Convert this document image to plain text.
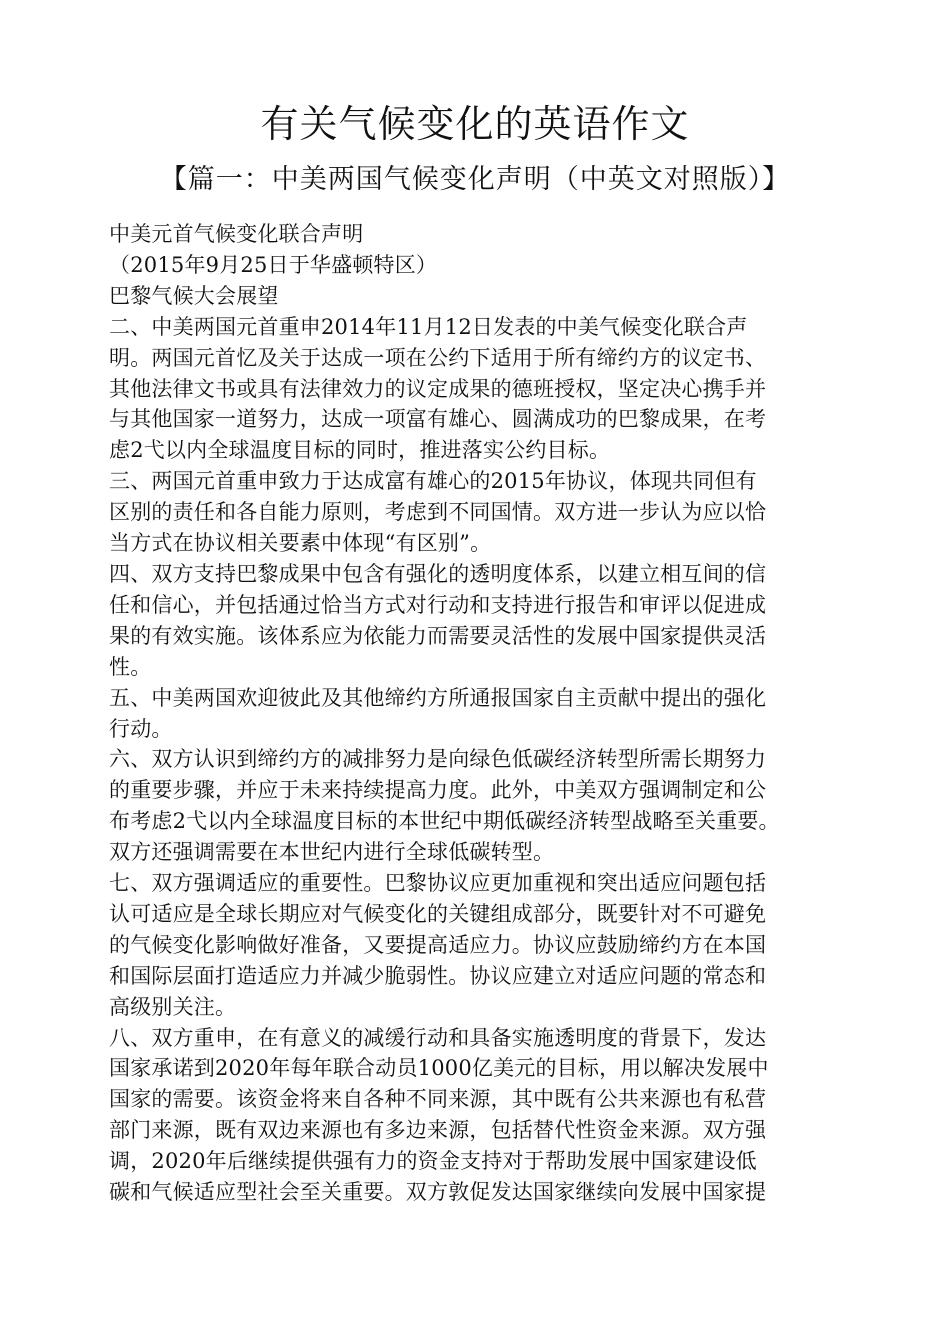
有关气候变化的英语作文
【篇一：中美两国气候变化声明（中英文对照版）】
中美元首气候变化联合声明
（2015年9月25日于华盛顿特区）
巴黎气候大会展望
二、中美两国元首重申2014年11月12日发表的中美气候变化联合声
明。两国元首忆及关于达成一项在公约下适用于所有缔约方的议定书、
其他法律文书或具有法律效力的议定成果的德班授权，坚定决心携手并
与其他国家一道努力，达成一项富有雄心、圆满成功的巴黎成果，在考
虑2弋以内全球温度目标的同时，推进落实公约目标。
三、两国元首重申致力于达成富有雄心的2015年协议，体现共同但有
区别的责任和各自能力原则，考虑到不同国情。双方进一步认为应以恰
当方式在协议相关要素中体现“有区别”。
四、双方支持巴黎成果中包含有强化的透明度体系，以建立相互间的信
任和信心，并包括通过恰当方式对行动和支持进行报告和审评以促进成
果的有效实施。该体系应为依能力而需要灵活性的发展中国家提供灵活
性。
五、中美两国欢迎彼此及其他缔约方所通报国家自主贡献中提出的强化
行动。
六、双方认识到缔约方的减排努力是向绿色低碳经济转型所需长期努力
的重要步骤，并应于未来持续提高力度。此外，中美双方强调制定和公
布考虑2弋以内全球温度目标的本世纪中期低碳经济转型战略至关重要。
双方还强调需要在本世纪内进行全球低碳转型。
七、双方强调适应的重要性。巴黎协议应更加重视和突出适应问题包括
认可适应是全球长期应对气候变化的关键组成部分，既要针对不可避免
的气候变化影响做好准备，又要提高适应力。协议应鼓励缔约方在本国
和国际层面打造适应力并减少脆弱性。协议应建立对适应问题的常态和
高级别关注。
八、双方重申，在有意义的减缓行动和具备实施透明度的背景下，发达
国家承诺到2020年每年联合动员1000亿美元的目标，用以解决发展中
国家的需要。该资金将来自各种不同来源，其中既有公共来源也有私营
部门来源，既有双边来源也有多边来源，包括替代性资金来源。双方强
调，2020年后继续提供强有力的资金支持对于帮助发展中国家建设低
碳和气候适应型社会至关重要。双方敦促发达国家继续向发展中国家提
